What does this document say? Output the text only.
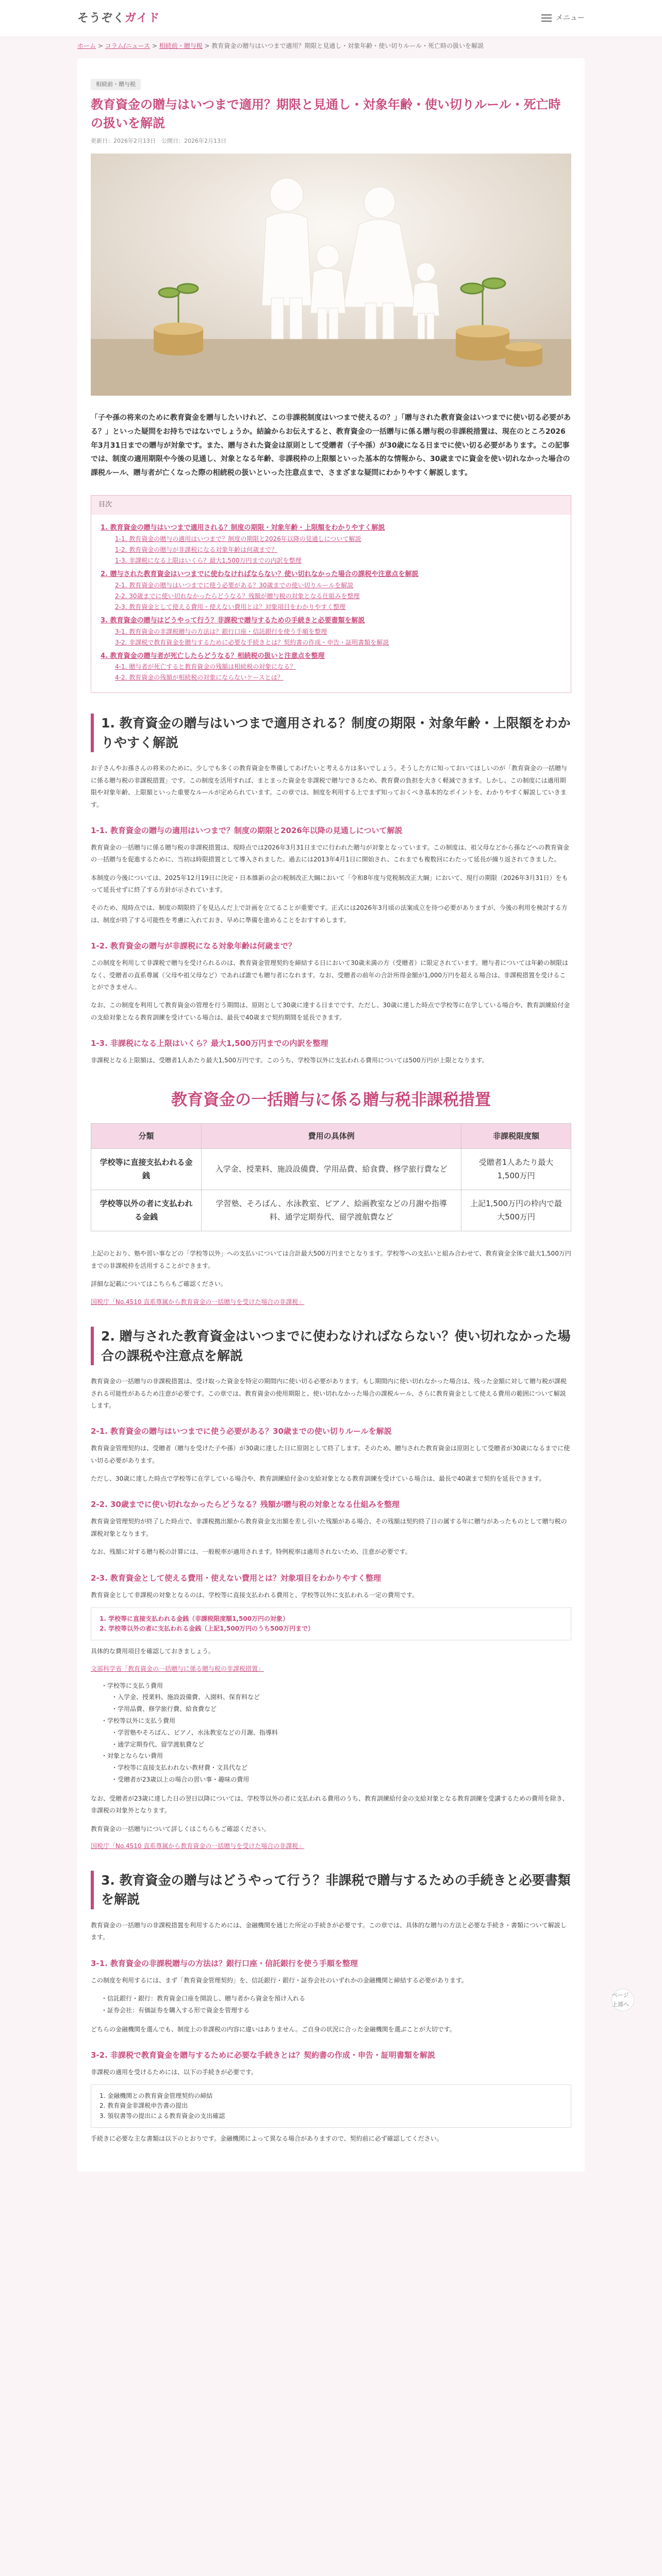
そうぞくガイド	メニュー
ホーム > コラム/ニュース > 相続前・贈与税 > 教育資金の贈与はいつまで適用？期限と見通し・対象年齢・使い切りルール・死亡時の扱いを解説
相続前・贈与税
教育資金の贈与はいつまで適用？期限と見通し・対象年齢・使い切りルール・死亡時の扱いを解説
更新日：2026年2月13日　公開日：2026年2月13日

「子や孫の将来のために教育資金を贈与したいけれど、この非課税制度はいつまで使えるの？」「贈与された教育資金はいつまでに使い切る必要がある？」といった疑問をお持ちではないでしょうか。結論からお伝えすると、教育資金の一括贈与に係る贈与税の非課税措置は、現在のところ2026年3月31日までの贈与が対象です。また、贈与された資金は原則として受贈者（子や孫）が30歳になる日までに使い切る必要があります。この記事では、制度の適用期限や今後の見通し、対象となる年齢、非課税枠の上限額といった基本的な情報から、30歳までに資金を使い切れなかった場合の課税ルール、贈与者が亡くなった際の相続税の扱いといった注意点まで、さまざまな疑問にわかりやすく解説します。

目次
1. 教育資金の贈与はいつまで適用される？制度の期限・対象年齢・上限額をわかりやすく解説
1-1. 教育資金の贈与の適用はいつまで？制度の期限と2026年以降の見通しについて解説
1-2. 教育資金の贈与が非課税になる対象年齢は何歳まで？
1-3. 非課税になる上限はいくら？最大1,500万円までの内訳を整理
2. 贈与された教育資金はいつまでに使わなければならない？使い切れなかった場合の課税や注意点を解説
2-1. 教育資金の贈与はいつまでに使う必要がある？30歳までの使い切りルールを解説
2-2. 30歳までに使い切れなかったらどうなる？残額が贈与税の対象となる仕組みを整理
2-3. 教育資金として使える費用・使えない費用とは？対象項目をわかりやすく整理
3. 教育資金の贈与はどうやって行う？非課税で贈与するための手続きと必要書類を解説
3-1. 教育資金の非課税贈与の方法は？銀行口座・信託銀行を使う手順を整理
3-2. 非課税で教育資金を贈与するために必要な手続きとは？契約書の作成・申告・証明書類を解説
4. 教育資金の贈与者が死亡したらどうなる？相続税の扱いと注意点を整理
4-1. 贈与者が死亡すると教育資金の残額は相続税の対象になる？
4-2. 教育資金の残額が相続税の対象にならないケースとは？
1. 教育資金の贈与はいつまで適用される？制度の期限・対象年齢・上限額をわかりやすく解説

お子さんやお孫さんの将来のために、少しでも多くの教育資金を準備してあげたいと考える方は多いでしょう。そうした方に知っておいてほしいのが「教育資金の一括贈与に係る贈与税の非課税措置」です。この制度を活用すれば、まとまった資金を非課税で贈与できるため、教育費の負担を大きく軽減できます。しかし、この制度には適用期限や対象年齢、上限額といった重要なルールが定められています。この章では、制度を利用する上でまず知っておくべき基本的なポイントを、わかりやすく解説していきます。

1-1. 教育資金の贈与の適用はいつまで？制度の期限と2026年以降の見通しについて解説

教育資金の一括贈与に係る贈与税の非課税措置は、現時点では2026年3月31日までに行われた贈与が対象となっています。この制度は、祖父母などから孫などへの教育資金の一括贈与を促進するために、当初は時限措置として導入されました。過去には2013年4月1日に開始され、これまでも複数回にわたって延長が繰り返されてきました。

本制度の今後については、2025年12月19日に決定・日本維新の会の税制改正大綱において「令和8年度与党税制改正大綱」において、現行の期限（2026年3月31日）をもって延長せずに終了する方針が示されています。

そのため、現時点では、制度の期限終了を見込んだ上で計画を立てることが重要です。正式には2026年3月頃の法案成立を待つ必要がありますが、今後の利用を検討する方は、制度が終了する可能性を考慮に入れておき、早めに準備を進めることをおすすめします。

1-2. 教育資金の贈与が非課税になる対象年齢は何歳まで？

この制度を利用して非課税で贈与を受けられるのは、教育資金管理契約を締結する日において30歳未満の方（受贈者）に限定されています。贈与者については年齢の制限はなく、受贈者の直系尊属（父母や祖父母など）であれば誰でも贈与者になれます。なお、受贈者の前年の合計所得金額が1,000万円を超える場合は、非課税措置を受けることができません。

なお、この制度を利用して教育資金の管理を行う期間は、原則として30歳に達する日までです。ただし、30歳に達した時点で学校等に在学している場合や、教育訓練給付金の支給対象となる教育訓練を受けている場合は、最長で40歳まで契約期間を延長できます。

1-3. 非課税になる上限はいくら？最大1,500万円までの内訳を整理

非課税となる上限額は、受贈者1人あたり最大1,500万円です。このうち、学校等以外に支払われる費用については500万円が上限となります。

教育資金の一括贈与に係る贈与税非課税措置
分類	費用の具体例	非課税限度額
学校等に直接支払われる金銭	入学金、授業料、施設設備費、学用品費、給食費、修学旅行費など	受贈者1人あたり最大1,500万円
学校等以外の者に支払われる金銭	学習塾、そろばん、水泳教室、ピアノ、絵画教室などの月謝や指導料、通学定期券代、留学渡航費など	上記1,500万円の枠内で最大500万円

上記のとおり、塾や習い事などの「学校等以外」への支払いについては合計最大500万円までとなります。学校等への支払いと組み合わせて、教育資金全体で最大1,500万円までの非課税枠を活用することができます。

詳細な記載についてはこちらもご確認ください。

国税庁「No.4510 直系尊属から教育資金の一括贈与を受けた場合の非課税」
2. 贈与された教育資金はいつまでに使わなければならない？使い切れなかった場合の課税や注意点を解説

教育資金の一括贈与の非課税措置は、受け取った資金を特定の期間内に使い切る必要があります。もし期間内に使い切れなかった場合は、残った金額に対して贈与税が課税される可能性があるため注意が必要です。この章では、教育資金の使用期限と、使い切れなかった場合の課税ルール、さらに教育資金として使える費用の範囲について解説します。

2-1. 教育資金の贈与はいつまでに使う必要がある？30歳までの使い切りルールを解説

教育資金管理契約は、受贈者（贈与を受けた子や孫）が30歳に達した日に原則として終了します。そのため、贈与された教育資金は原則として受贈者が30歳になるまでに使い切る必要があります。

ただし、30歳に達した時点で学校等に在学している場合や、教育訓練給付金の支給対象となる教育訓練を受けている場合は、最長で40歳まで契約を延長できます。

2-2. 30歳までに使い切れなかったらどうなる？残額が贈与税の対象となる仕組みを整理

教育資金管理契約が終了した時点で、非課税拠出額から教育資金支出額を差し引いた残額がある場合、その残額は契約終了日の属する年に贈与があったものとして贈与税の課税対象となります。

なお、残額に対する贈与税の計算には、一般税率が適用されます。特例税率は適用されないため、注意が必要です。

2-3. 教育資金として使える費用・使えない費用とは？対象項目をわかりやすく整理

教育資金として非課税の対象となるのは、学校等に直接支払われる費用と、学校等以外に支払われる一定の費用です。

1. 学校等に直接支払われる金銭（非課税限度額1,500万円の対象）
2. 学校等以外の者に支払われる金銭（上記1,500万円のうち500万円まで）

具体的な費用項目を確認しておきましょう。

文部科学省「教育資金の一括贈与に係る贈与税の非課税措置」
・ 学校等に支払う費用
・ 入学金、授業料、施設設備費、入園料、保育料など
・ 学用品費、修学旅行費、給食費など
・ 学校等以外に支払う費用
・ 学習塾やそろばん、ピアノ、水泳教室などの月謝、指導料
・ 通学定期券代、留学渡航費など
・ 対象とならない費用
・ 学校等に直接支払われない教材費・文具代など
・ 受贈者が23歳以上の場合の習い事・趣味の費用

なお、受贈者が23歳に達した日の翌日以降については、学校等以外の者に支払われる費用のうち、教育訓練給付金の支給対象となる教育訓練を受講するための費用を除き、非課税の対象外となります。

教育資金の一括贈与について詳しくはこちらもご確認ください。

国税庁「No.4510 直系尊属から教育資金の一括贈与を受けた場合の非課税」
3. 教育資金の贈与はどうやって行う？非課税で贈与するための手続きと必要書類を解説

教育資金の一括贈与の非課税措置を利用するためには、金融機関を通じた所定の手続きが必要です。この章では、具体的な贈与の方法と必要な手続き・書類について解説します。

3-1. 教育資金の非課税贈与の方法は？銀行口座・信託銀行を使う手順を整理

この制度を利用するには、まず「教育資金管理契約」を、信託銀行・銀行・証券会社のいずれかの金融機関と締結する必要があります。

・ 信託銀行・銀行：教育資金口座を開設し、贈与者から資金を預け入れる
・ 証券会社：有価証券を購入する形で資金を管理する

どちらの金融機関を選んでも、制度上の非課税の内容に違いはありません。ご自身の状況に合った金融機関を選ぶことが大切です。

3-2. 非課税で教育資金を贈与するために必要な手続きとは？契約書の作成・申告・証明書類を解説

非課税の適用を受けるためには、以下の手続きが必要です。

1. 金融機関との教育資金管理契約の締結
2. 教育資金非課税申告書の提出
3. 領収書等の提出による教育資金の支出確認

手続きに必要な主な書類は以下のとおりです。金融機関によって異なる場合がありますので、契約前に必ず確認してください。

ページ上部へ
